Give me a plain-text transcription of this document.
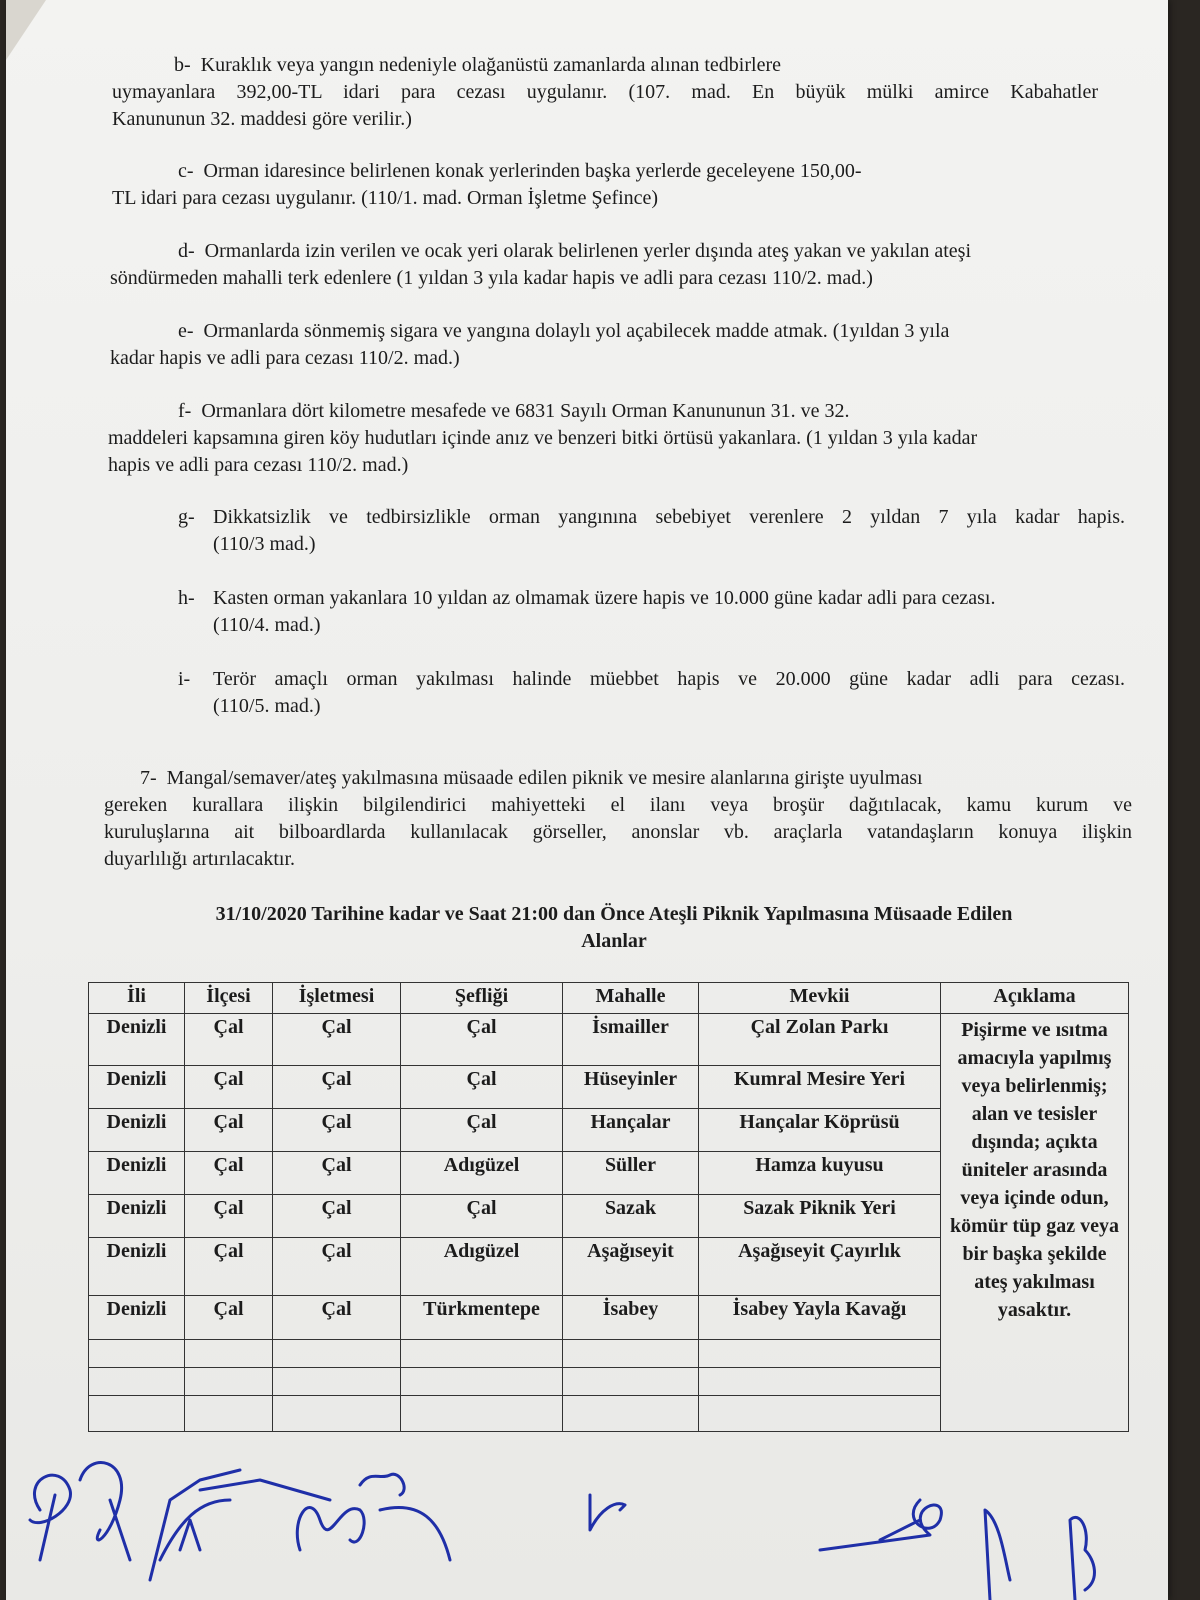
b- Kuraklık veya yangın nedeniyle olağanüstü zamanlarda alınan tedbirlere
uymayanlara 392,00-TL idari para cezası uygulanır. (107. mad. En büyük mülki amirce Kabahatler
Kanununun 32. maddesi göre verilir.)
c- Orman idaresince belirlenen konak yerlerinden başka yerlerde geceleyene 150,00-
TL idari para cezası uygulanır. (110/1. mad. Orman İşletme Şefince)
d- Ormanlarda izin verilen ve ocak yeri olarak belirlenen yerler dışında ateş yakan ve yakılan ateşi
söndürmeden mahalli terk edenlere (1 yıldan 3 yıla kadar hapis ve adli para cezası 110/2. mad.)
e- Ormanlarda sönmemiş sigara ve yangına dolaylı yol açabilecek madde atmak. (1yıldan 3 yıla
kadar hapis ve adli para cezası 110/2. mad.)
f- Ormanlara dört kilometre mesafede ve 6831 Sayılı Orman Kanununun 31. ve 32.
maddeleri kapsamına giren köy hudutları içinde anız ve benzeri bitki örtüsü yakanlara. (1 yıldan 3 yıla kadar
hapis ve adli para cezası 110/2. mad.)
g- Dikkatsizlik ve tedbirsizlikle orman yangınına sebebiyet verenlere 2 yıldan 7 yıla kadar hapis.
(110/3 mad.)
h- Kasten orman yakanlara 10 yıldan az olmamak üzere hapis ve 10.000 güne kadar adli para cezası.
(110/4. mad.)
i- Terör amaçlı orman yakılması halinde müebbet hapis ve 20.000 güne kadar adli para cezası.
(110/5. mad.)
7- Mangal/semaver/ateş yakılmasına müsaade edilen piknik ve mesire alanlarına girişte uyulması
gereken kurallara ilişkin bilgilendirici mahiyetteki el ilanı veya broşür dağıtılacak, kamu kurum ve
kuruluşlarına ait bilboardlarda kullanılacak görseller, anonslar vb. araçlarla vatandaşların konuya ilişkin
duyarlılığı artırılacaktır.
31/10/2020 Tarihine kadar ve Saat 21:00 dan Önce Ateşli Piknik Yapılmasına Müsaade Edilen
Alanlar
İli	İlçesi	İşletmesi	Şefliği	Mahalle	Mevkii	Açıklama
Denizli	Çal	Çal	Çal	İsmailler	Çal Zolan Parkı	Pişirme ve ısıtma amacıyla yapılmış veya belirlenmiş; alan ve tesisler dışında; açıkta üniteler arasında veya içinde odun, kömür tüp gaz veya bir başka şekilde ateş yakılması yasaktır.
Denizli	Çal	Çal	Çal	Hüseyinler	Kumral Mesire Yeri	
Denizli	Çal	Çal	Çal	Hançalar	Hançalar Köprüsü	
Denizli	Çal	Çal	Adıgüzel	Süller	Hamza kuyusu	
Denizli	Çal	Çal	Çal	Sazak	Sazak Piknik Yeri	
Denizli	Çal	Çal	Adıgüzel	Aşağıseyit	Aşağıseyit Çayırlık	
Denizli	Çal	Çal	Türkmentepe	İsabey	İsabey Yayla Kavağı	
